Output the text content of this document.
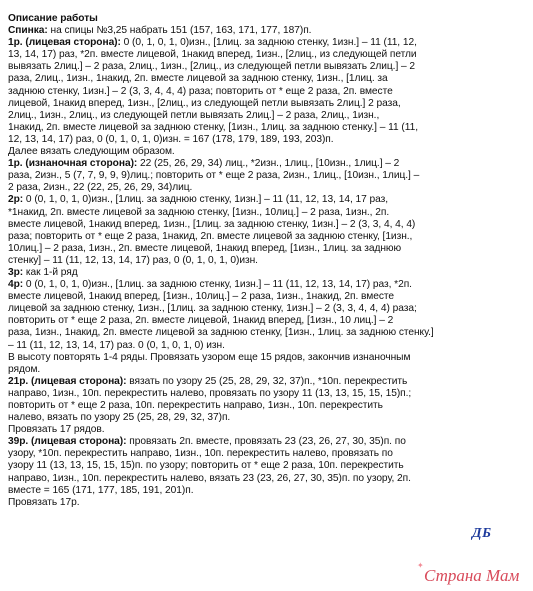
Описание работы
Спинка: на спицы №3,25 набрать 151 (157, 163, 171, 177, 187)п.
1р. (лицевая сторона): 0 (0, 1, 0, 1, 0)изн., [1лиц. за заднюю стенку, 1изн.] – 11 (11, 12,
13, 14, 17) раз, *2п. вместе лицевой, 1накид вперед, 1изн., [2лиц., из следующей петли
вывязать 2лиц.] – 2 раза, 2лиц., 1изн., [2лиц., из следующей петли вывязать 2лиц.] – 2
раза, 2лиц., 1изн., 1накид, 2п. вместе лицевой за заднюю стенку, 1изн., [1лиц. за
заднюю стенку, 1изн.] – 2 (3, 3, 4, 4, 4) раза; повторить от * еще 2 раза, 2п. вместе
лицевой, 1накид вперед, 1изн., [2лиц., из следующей петли вывязать 2лиц.] 2 раза,
2лиц., 1изн., 2лиц., из следующей петли вывязать 2лиц.] – 2 раза, 2лиц., 1изн.,
1накид, 2п. вместе лицевой за заднюю стенку, [1изн., 1лиц. за заднюю стенку.] – 11 (11,
12, 13, 14, 17) раз, 0 (0, 1, 0, 1, 0)изн. = 167 (178, 179, 189, 193, 203)п.
Далее вязать следующим образом.
1р. (изнаночная сторона): 22 (25, 26, 29, 34) лиц., *2изн., 1лиц., [10изн., 1лиц.] – 2
раза, 2изн., 5 (7, 7, 9, 9, 9)лиц.; повторить от * еще 2 раза, 2изн., 1лиц., [10изн., 1лиц.] –
2 раза, 2изн., 22 (22, 25, 26, 29, 34)лиц.
2р: 0 (0, 1, 0, 1, 0)изн., [1лиц. за заднюю стенку, 1изн.] – 11 (11, 12, 13, 14, 17 раз,
*1накид, 2п. вместе лицевой за заднюю стенку, [1изн., 10лиц.] – 2 раза, 1изн., 2п.
вместе лицевой, 1накид вперед, 1изн., [1лиц. за заднюю стенку, 1изн.] – 2 (3, 3, 4, 4, 4)
раза; повторить от * еще 2 раза, 1накид, 2п. вместе лицевой за заднюю стенку, [1изн.,
10лиц.] – 2 раза, 1изн., 2п. вместе лицевой, 1накид вперед, [1изн., 1лиц. за заднюю
стенку] – 11 (11, 12, 13, 14, 17) раз, 0 (0, 1, 0, 1, 0)изн.
3р: как 1-й ряд
4р: 0 (0, 1, 0, 1, 0)изн., [1лиц. за заднюю стенку, 1изн.] – 11 (11, 12, 13, 14, 17) раз, *2п.
вместе лицевой, 1накид вперед, [1изн., 10лиц.] – 2 раза, 1изн., 1накид, 2п. вместе
лицевой за заднюю стенку, 1изн., [1лиц. за заднюю стенку, 1изн.] – 2 (3, 3, 4, 4, 4) раза;
повторить от * еще 2 раза, 2п. вместе лицевой, 1накид вперед, [1изн., 10 лиц.] – 2
раза, 1изн., 1накид, 2п. вместе лицевой за заднюю стенку, [1изн., 1лиц. за заднюю стенку.]
– 11 (11, 12, 13, 14, 17) раз. 0 (0, 1, 0, 1, 0) изн.
В высоту повторять 1-4 ряды. Провязать узором еще 15 рядов, закончив изнаночным
рядом.
21р. (лицевая сторона): вязать по узору 25 (25, 28, 29, 32, 37)п., *10п. перекрестить
направо, 1изн., 10п. перекрестить налево, провязать по узору 11 (13, 13, 15, 15, 15)п.;
повторить от * еще 2 раза, 10п. перекрестить направо, 1изн., 10п. перекрестить
налево, вязать по узору 25 (25, 28, 29, 32, 37)п.
Провязать 17 рядов.
39р. (лицевая сторона): провязать 2п. вместе, провязать 23 (23, 26, 27, 30, 35)п. по
узору, *10п. перекрестить направо, 1изн., 10п. перекрестить налево, провязать по
узору 11 (13, 13, 15, 15, 15)п. по узору; повторить от * еще 2 раза, 10п. перекрестить
направо, 1изн., 10п. перекрестить налево, вязать 23 (23, 26, 27, 30, 35)п. по узору, 2п.
вместе = 165 (171, 177, 185, 191, 201)п.
Провязать 17р.
ДБ
✦
Страна Мам
